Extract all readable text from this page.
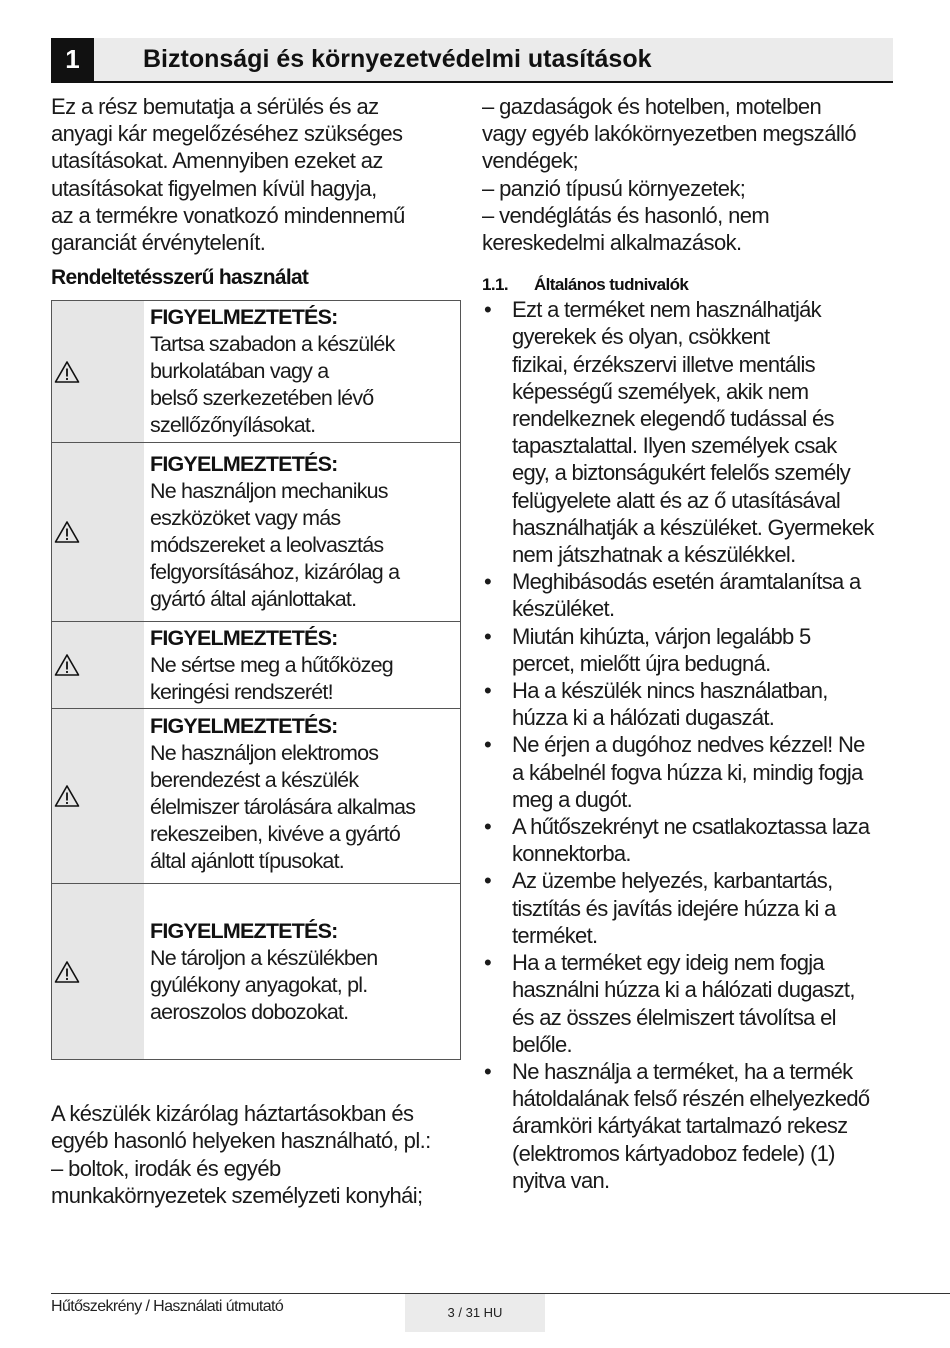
1	Biztonsági és környezetvédelmi utasítások

Ez a rész bemutatja a sérülés és az
anyagi kár megelőzéséhez szükséges
utasításokat. Amennyiben ezeket az
utasításokat figyelmen kívül hagyja,
az a termékre vonatkozó mindennemű
garanciát érvénytelenít.

Rendeltetésszerű használat
FIGYELMEZTETÉS:
Tartsa szabadon a készülék
burkolatában vagy a
belső szerkezetében lévő
szellőzőnyílásokat.
FIGYELMEZTETÉS:
Ne használjon mechanikus
eszközöket vagy más
módszereket a leolvasztás
felgyorsításához, kizárólag a
gyártó által ajánlottakat.
FIGYELMEZTETÉS:
Ne sértse meg a hűtőközeg
keringési rendszerét!
FIGYELMEZTETÉS:
Ne használjon elektromos
berendezést a készülék
élelmiszer tárolására alkalmas
rekeszeiben, kivéve a gyártó
által ajánlott típusokat.
FIGYELMEZTETÉS:
Ne tároljon a készülékben
gyúlékony anyagokat, pl.
aeroszolos dobozokat.

A készülék kizárólag háztartásokban és
egyéb hasonló helyeken használható, pl.:
– boltok, irodák és egyéb
munkakörnyezetek személyzeti konyhái;

– gazdaságok és hotelben, motelben
vagy egyéb lakókörnyezetben megszálló
vendégek;
– panzió típusú környezetek;
– vendéglátás és hasonló, nem
kereskedelmi alkalmazások.

1.1. Általános tudnivalók
• Ezt a terméket nem használhatják
gyerekek és olyan, csökkent
fizikai, érzékszervi illetve mentális
képességű személyek, akik nem
rendelkeznek elegendő tudással és
tapasztalattal. Ilyen személyek csak
egy, a biztonságukért felelős személy
felügyelete alatt és az ő utasításával
használhatják a készüléket. Gyermekek
nem játszhatnak a készülékkel.
• Meghibásodás esetén áramtalanítsa a
készüléket.
• Miután kihúzta, várjon legalább 5
percet, mielőtt újra bedugná.
• Ha a készülék nincs használatban,
húzza ki a hálózati dugaszát.
• Ne érjen a dugóhoz nedves kézzel! Ne
a kábelnél fogva húzza ki, mindig fogja
meg a dugót.
• A hűtőszekrényt ne csatlakoztassa laza
konnektorba.
• Az üzembe helyezés, karbantartás,
tisztítás és javítás idejére húzza ki a
terméket.
• Ha a terméket egy ideig nem fogja
használni húzza ki a hálózati dugaszt,
és az összes élelmiszert távolítsa el
belőle.
• Ne használja a terméket, ha a termék
hátoldalának felső részén elhelyezkedő
áramköri kártyákat tartalmazó rekesz
(elektromos kártyadoboz fedele) (1)
nyitva van.
Hűtőszekrény / Használati útmutató	3 / 31 HU
